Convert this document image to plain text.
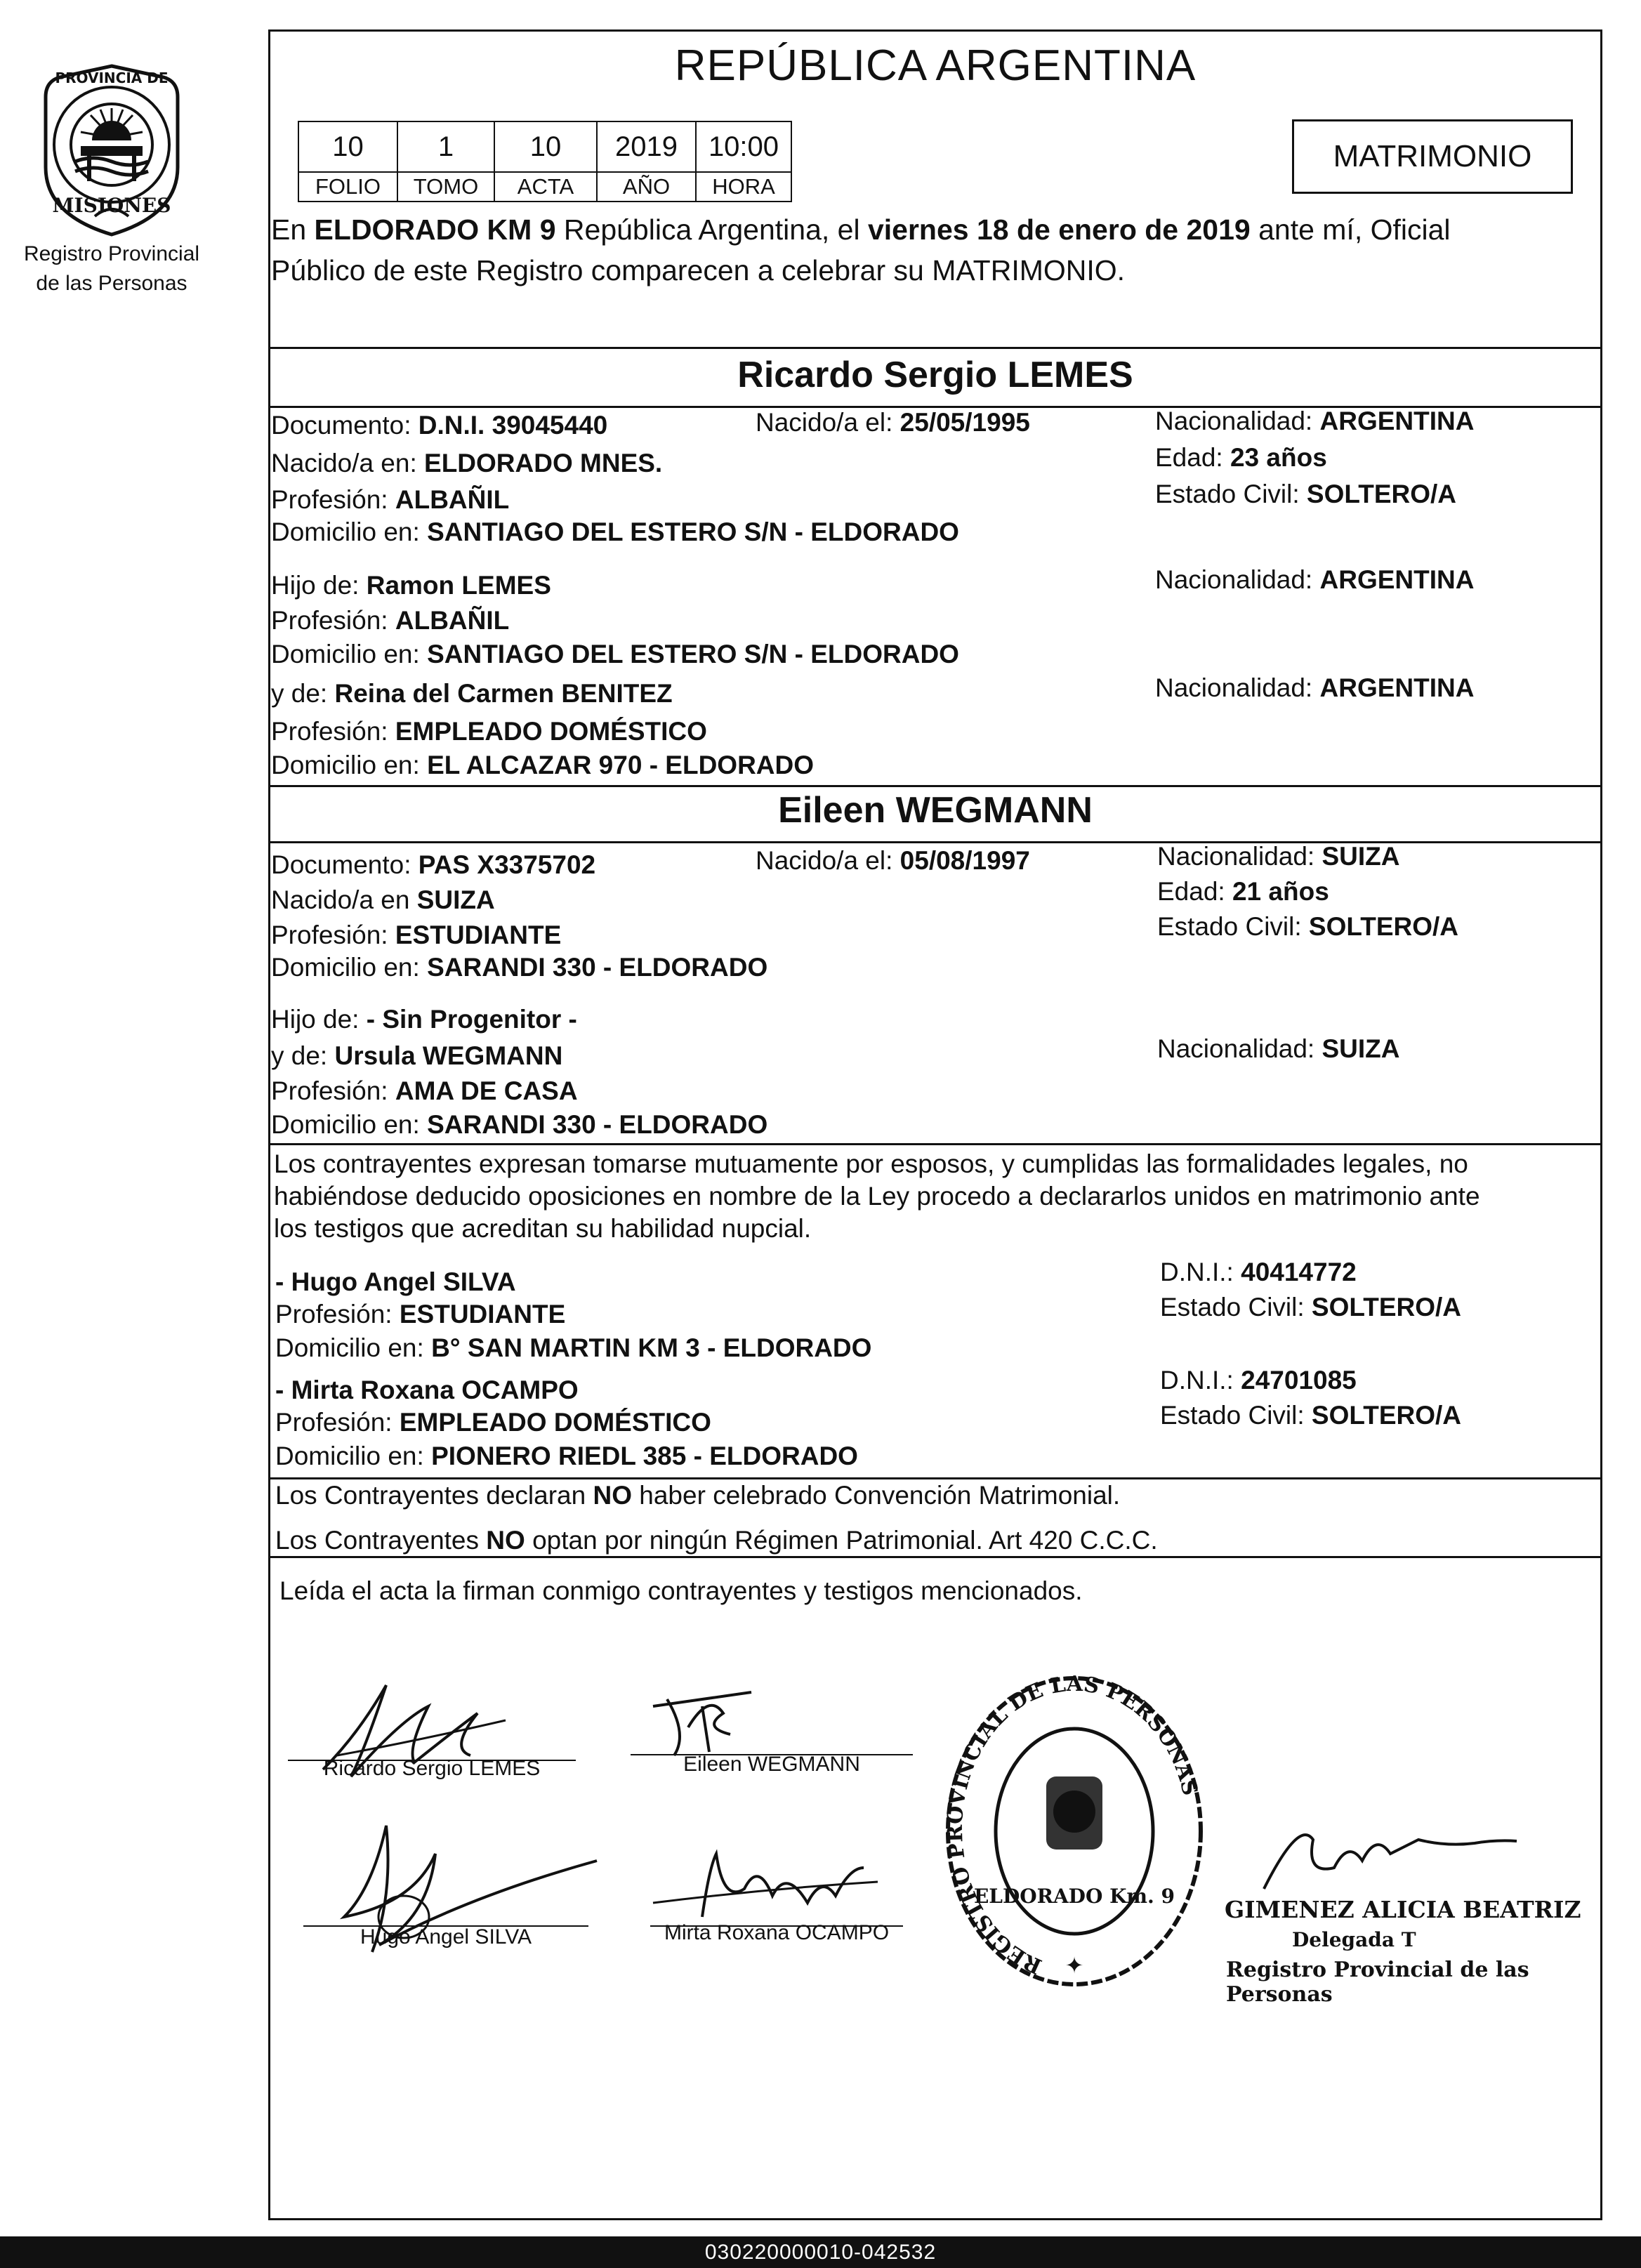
PROVINCIA DE
MISIONES
Registro Provincial
de las Personas
REPÚBLICA ARGENTINA
10	1	10	2019	10:00
FOLIO	TOMO	ACTA	AÑO	HORA
MATRIMONIO
En ELDORADO KM 9 República Argentina, el viernes 18 de enero de 2019 ante mí, Oficial
Público de este Registro comparecen a celebrar su MATRIMONIO.
Ricardo Sergio LEMES
Documento: D.N.I. 39045440	Nacido/a el: 25/05/1995	Nacionalidad: ARGENTINA
Nacido/a en: ELDORADO MNES.	Edad: 23 años
Profesión: ALBAÑIL	Estado Civil: SOLTERO/A
Domicilio en: SANTIAGO DEL ESTERO S/N - ELDORADO
Hijo de: Ramon LEMES	Nacionalidad: ARGENTINA
Profesión: ALBAÑIL
Domicilio en: SANTIAGO DEL ESTERO S/N - ELDORADO
y de: Reina del Carmen BENITEZ	Nacionalidad: ARGENTINA
Profesión: EMPLEADO DOMÉSTICO
Domicilio en: EL ALCAZAR 970 - ELDORADO
Eileen WEGMANN
Documento: PAS X3375702	Nacido/a el: 05/08/1997	Nacionalidad: SUIZA
Nacido/a en SUIZA	Edad: 21 años
Profesión: ESTUDIANTE	Estado Civil: SOLTERO/A
Domicilio en: SARANDI 330 - ELDORADO
Hijo de: - Sin Progenitor -
y de: Ursula WEGMANN	Nacionalidad: SUIZA
Profesión: AMA DE CASA
Domicilio en: SARANDI 330 - ELDORADO
Los contrayentes expresan tomarse mutuamente por esposos, y cumplidas las formalidades legales, no
habiéndose deducido oposiciones en nombre de la Ley procedo a declararlos unidos en matrimonio ante
los testigos que acreditan su habilidad nupcial.
- Hugo Angel SILVA	D.N.I.: 40414772
Profesión: ESTUDIANTE	Estado Civil: SOLTERO/A
Domicilio en: B° SAN MARTIN KM 3 - ELDORADO
- Mirta Roxana OCAMPO	D.N.I.: 24701085
Profesión: EMPLEADO DOMÉSTICO	Estado Civil: SOLTERO/A
Domicilio en: PIONERO RIEDL 385 - ELDORADO
Los Contrayentes declaran NO haber celebrado Convención Matrimonial.
Los Contrayentes NO optan por ningún Régimen Patrimonial. Art 420 C.C.C.
Leída el acta la firman conmigo contrayentes y testigos mencionados.
Ricardo Sergio LEMES	Eileen WEGMANN
Hugo Angel SILVA	Mirta Roxana OCAMPO
REGISTRO PROVINCIAL DE LAS PERSONAS
ELDORADO Km. 9
✦
GIMENEZ ALICIA BEATRIZ
Delegada T
Registro Provincial de las Personas
030220000010-042532
